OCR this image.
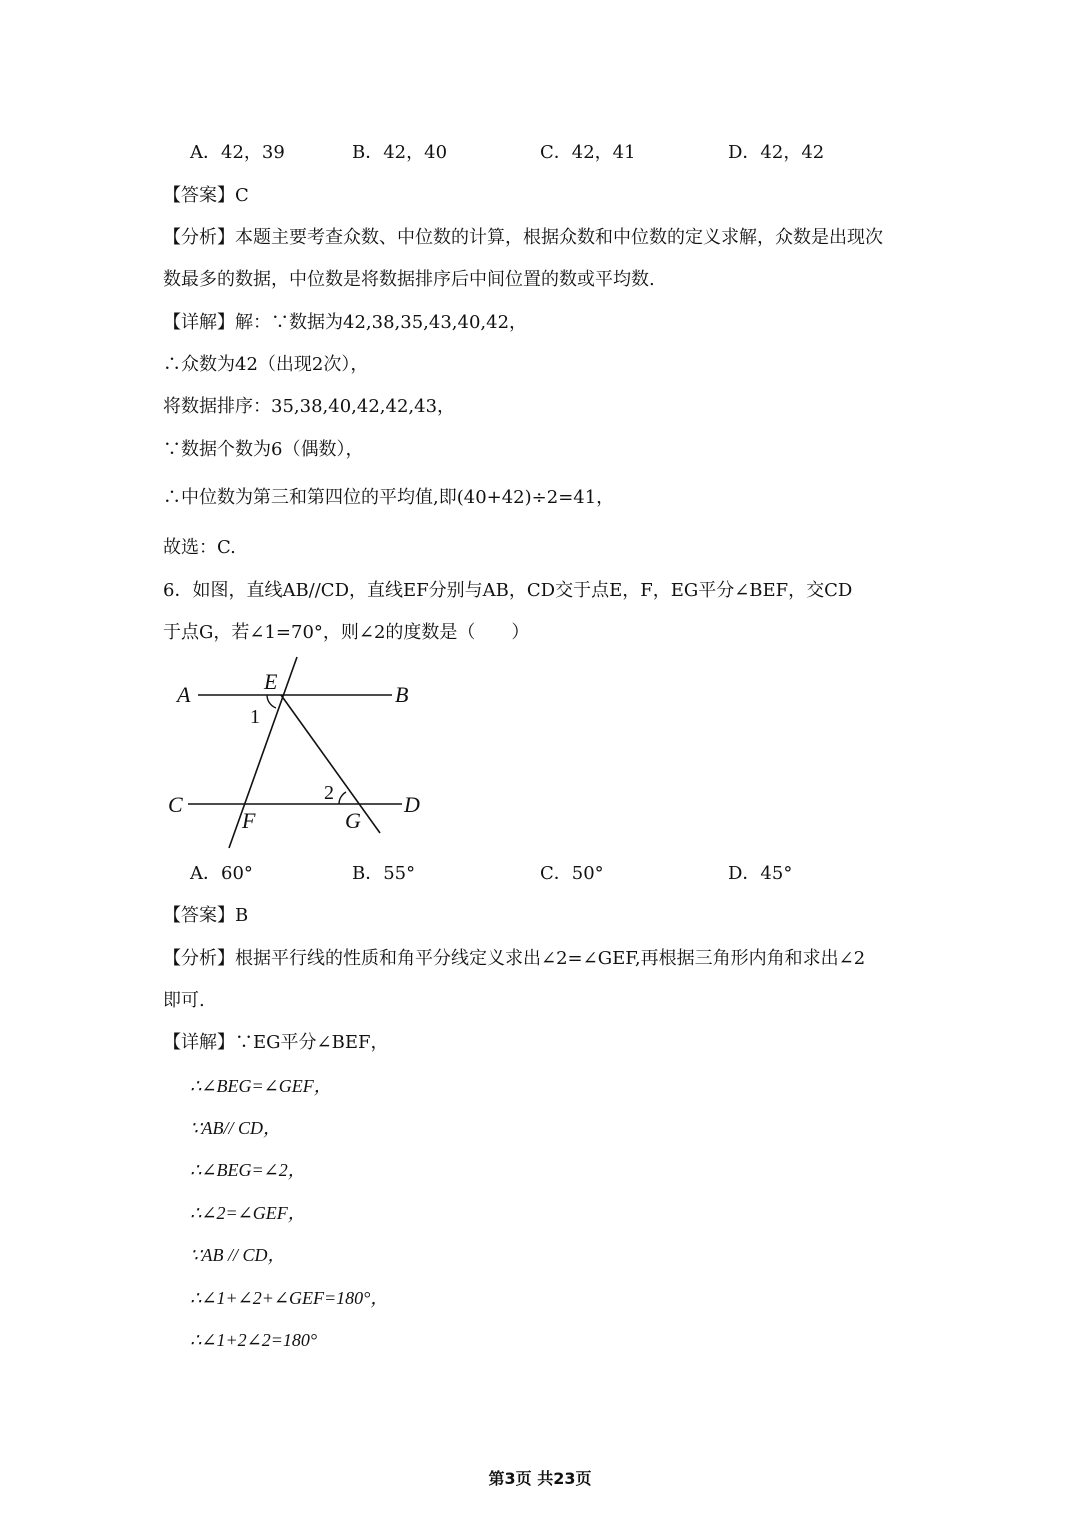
A．42，39	B．42，40	C．42，41	D．42，42
【答案】C
【分析】本题主要考查众数、中位数的计算，根据众数和中位数的定义求解，众数是出现次
数最多的数据，中位数是将数据排序后中间位置的数或平均数.
【详解】解：∵数据为42,38,35,43,40,42，
∴众数为42（出现2次），
将数据排序：35,38,40,42,42,43，
∵数据个数为6（偶数），
∴中位数为第三和第四位的平均值,即(40+42)÷2=41，
故选：C.
6．如图，直线AB//CD，直线EF分别与AB，CD交于点E，F，EG平分∠BEF，交CD
于点G，若∠1=70°，则∠2的度数是（　　）
A	B
C	D
E
F	G
1
2
A．60°	B．55°	C．50°	D．45°
【答案】B
【分析】根据平行线的性质和角平分线定义求出∠2=∠GEF,再根据三角形内角和求出∠2
即可.
【详解】∵EG平分∠BEF，
∴∠BEG=∠GEF，
∵AB// CD，
∴∠BEG=∠2，
∴∠2=∠GEF，
∵AB // CD，
∴∠1+∠2+∠GEF=180°，
∴∠1+2∠2=180°
第3页 共23页
